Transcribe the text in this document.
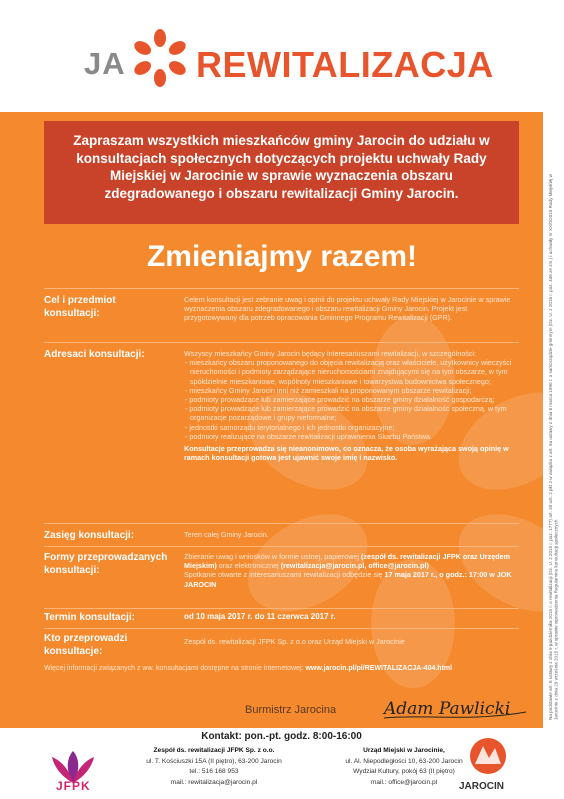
JA REWITALIZACJA
Zapraszam wszystkich mieszkańców gminy Jarocin do udziału w konsultacjach społecznych dotyczących projektu uchwały Rady Miejskiej w Jarocinie w sprawie wyznaczenia obszaru zdegradowanego i obszaru rewitalizacji Gminy Jarocin.
Zmieniajmy razem!
Cel i przedmiot konsultacji:
Celem konsultacji jest zebranie uwag i opinii do projektu uchwały Rady Miejskiej w Jarocinie w sprawie wyznaczenia obszaru zdegradowanego i obszaru rewitalizacji Gminy Jarocin. Projekt jest przygotowywany dla potrzeb opracowania Gminnego Programu Rewitalizacji (GPR).
Adresaci konsultacji:	Wszyscy mieszkańcy Gminy Jarocin będący interesariuszami rewitalizacji, w szczególności:

- mieszkańcy obszaru proponowanego do objęcia rewitalizacją oraz właściciele, użytkownicy wieczyści nieruchomości i podmioty zarządzające nieruchomościami znajdującymi się na tym obszarze, w tym spółdzielnie mieszkaniowe, wspólnoty mieszkaniowe i towarzystwa budownictwa społecznego;
- mieszkańcy Gminy Jarocin inni niż zamieszkali na proponowanym obszarze rewitalizacji;
- podmioty prowadzące lub zamierzające prowadzić na obszarze gminy działalność gospodarczą;
- podmioty prowadzące lub zamierzające prowadzić na obszarze gminy działalność społeczną, w tym organizacje pozarządowe i grupy nieformalne;
- jednostki samorządu terytorialnego i ich jednostki organizacyjne;
- podmioty realizujące na obszarze rewitalizacji uprawnienia Skarbu Państwa.

Konsultacje przeprowadza się nieanonimowo, co oznacza, że osoba wyrażająca swoją opinię w ramach konsultacji gotowa jest ujawnić swoje imię i nazwisko.

Zasięg konsultacji:	Teren całej Gminy Jarocin.
Formy przeprowadzanych konsultacji:

Zbieranie uwag i wniosków w formie ustnej, papierowej (zespół ds. rewitalizacji JFPK oraz Urzędem Miejskim) oraz elektronicznej (rewitalizacja@jarocin.pl, office@jarocin.pl)

Spotkanie otwarte z interesariuszami rewitalizacji odbędzie się 17 maja 2017 r., o godz.: 17:00 w JOK JAROCIN

Termin konsultacji:	od 10 maja 2017 r. do 11 czerwca 2017 r.
Kto przeprowadzi konsultacje:
Zespół ds. rewitalizacji JFPK Sp. z o.o oraz Urząd Miejski w Jarocinie
Więcej informacji związanych z ww. konsultacjami dostępne na stronie internetowej: www.jarocin.pl/pl/REWITALIZACJA-404.html
Burmistrz Jarocina	Adam Pawlicki	Na podstawie art. 6 ustawy z dnia 9 października 2015 r. o rewitalizacji (Dz. U. z 2015 r. poz. 1777) art. 30 ust. 2 pkt 2 w związku z art. 5a ustawy z dnia 8 marca 1990 r. o samorządzie gminnym (Dz. U. z 2016 r. poz. 446 ze zm.) i uchwały nr XX/0/2015 Rady Miejskiej w Jarocinie z dnia 29 września 2015 r. w sprawie wprowadzenia Regulaminu konsultacji społecznych
Kontakt: pon.-pt. godz. 8:00-16:00
Zespół ds. rewitalizacji JFPK Sp. z o.o.
ul. T. Kościuszki 15A (II piętro), 63-200 Jarocin
tel.: 516 168 953
mail.: rewitalizacja@jarocin.pl
Urząd Miejski w Jarocinie,
ul. Al. Niepodległości 10, 63-200 Jarocin
Wydział Kultury, pokój 63 (II piętro)
mail.: office@jarocin.pl
JFPK	JAROCIN
